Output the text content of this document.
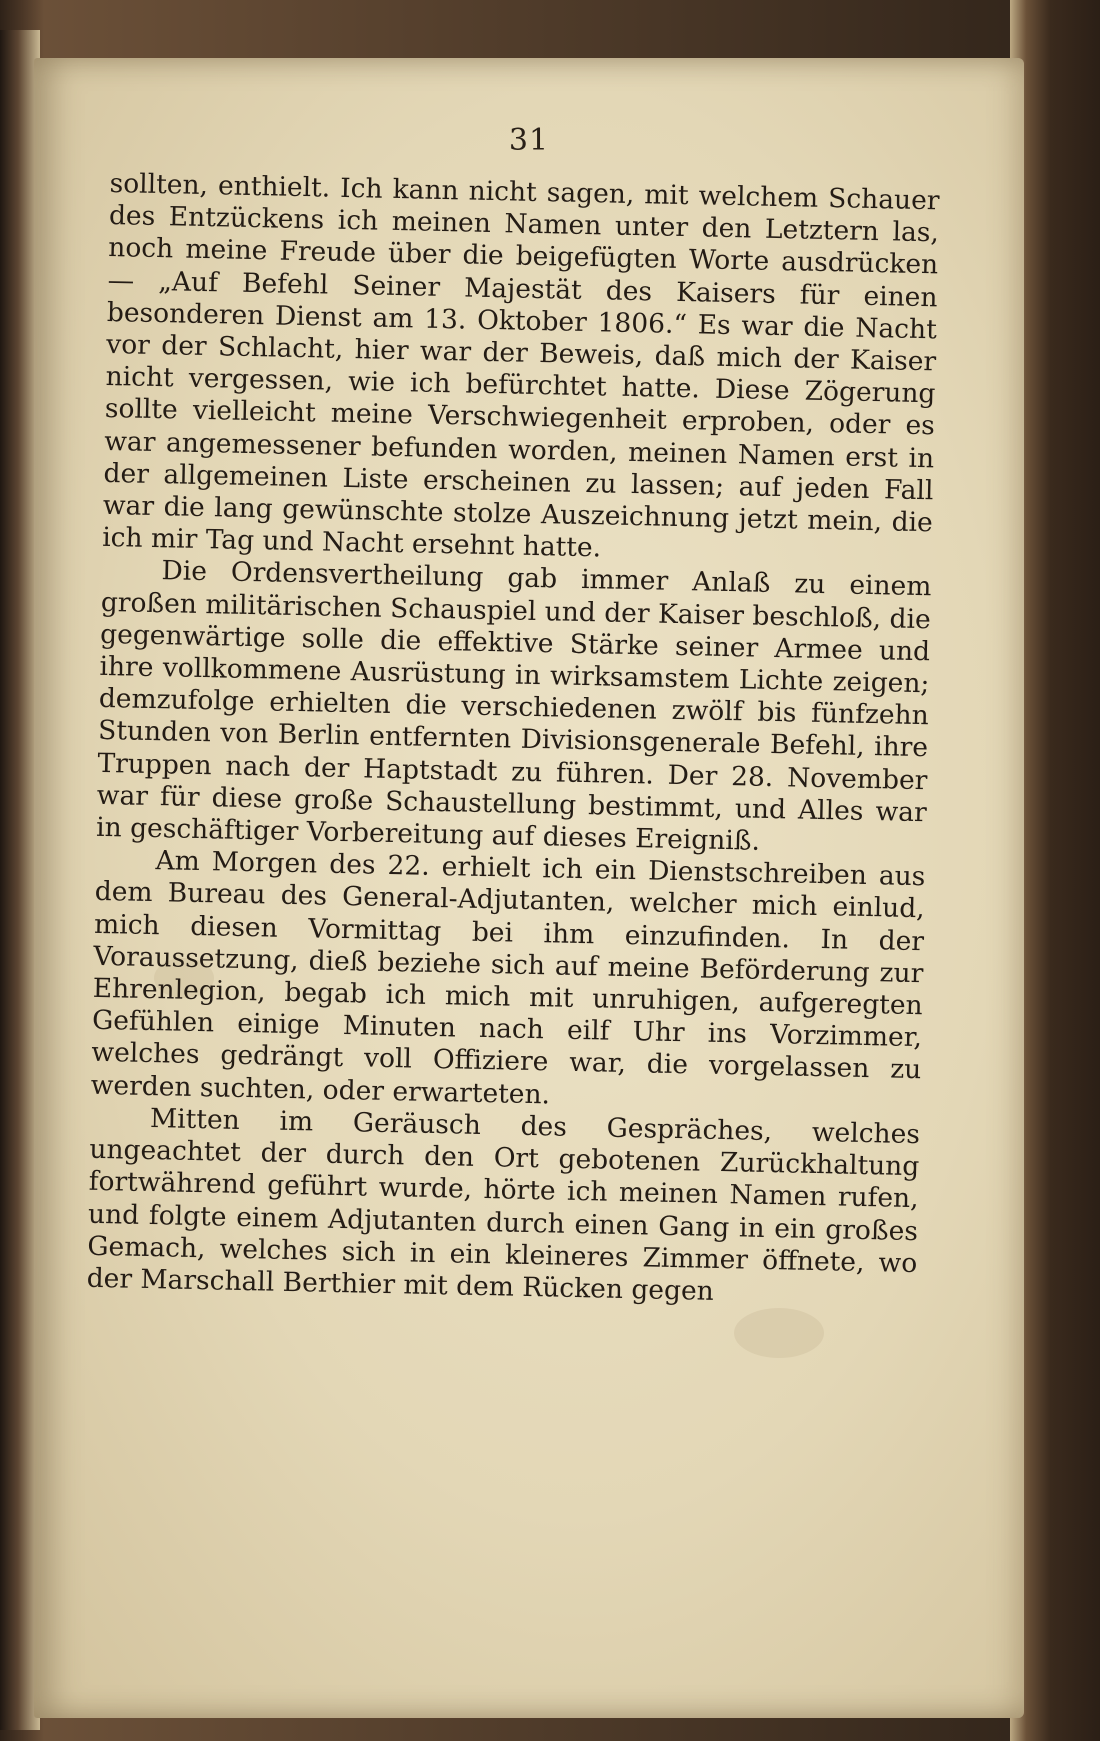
31

sollten, enthielt. Ich kann nicht sagen, mit welchem Schauer des Entzückens ich meinen Namen unter den Letztern las, noch meine Freude über die beigefügten Worte ausdrücken — „Auf Befehl Seiner Majestät des Kaisers für einen besonderen Dienst am 13. Oktober 1806.“ Es war die Nacht vor der Schlacht, hier war der Beweis, daß mich der Kaiser nicht vergessen, wie ich befürchtet hatte. Diese Zögerung sollte vielleicht meine Verschwiegenheit erproben, oder es war angemessener befunden worden, meinen Namen erst in der allgemeinen Liste erscheinen zu lassen; auf jeden Fall war die lang gewünschte stolze Auszeichnung jetzt mein, die ich mir Tag und Nacht ersehnt hatte.

Die Ordensvertheilung gab immer Anlaß zu einem großen militärischen Schauspiel und der Kaiser beschloß, die gegenwärtige solle die effektive Stärke seiner Armee und ihre vollkommene Ausrüstung in wirksamstem Lichte zeigen; demzufolge erhielten die verschiedenen zwölf bis fünfzehn Stunden von Berlin entfernten Divisionsgenerale Befehl, ihre Truppen nach der Haptstadt zu führen. Der 28. November war für diese große Schaustellung bestimmt, und Alles war in geschäftiger Vorbereitung auf dieses Ereigniß.

Am Morgen des 22. erhielt ich ein Dienstschreiben aus dem Bureau des General-Adjutanten, welcher mich einlud, mich diesen Vormittag bei ihm einzufinden. In der Voraussetzung, dieß beziehe sich auf meine Beförderung zur Ehrenlegion, begab ich mich mit unruhigen, aufgeregten Gefühlen einige Minuten nach eilf Uhr ins Vorzimmer, welches gedrängt voll Offiziere war, die vorgelassen zu werden suchten, oder erwarteten.

Mitten im Geräusch des Gespräches, welches ungeachtet der durch den Ort gebotenen Zurückhaltung fortwährend geführt wurde, hörte ich meinen Namen rufen, und folgte einem Adjutanten durch einen Gang in ein großes Gemach, welches sich in ein kleineres Zimmer öffnete, wo der Marschall Berthier mit dem Rücken gegen
